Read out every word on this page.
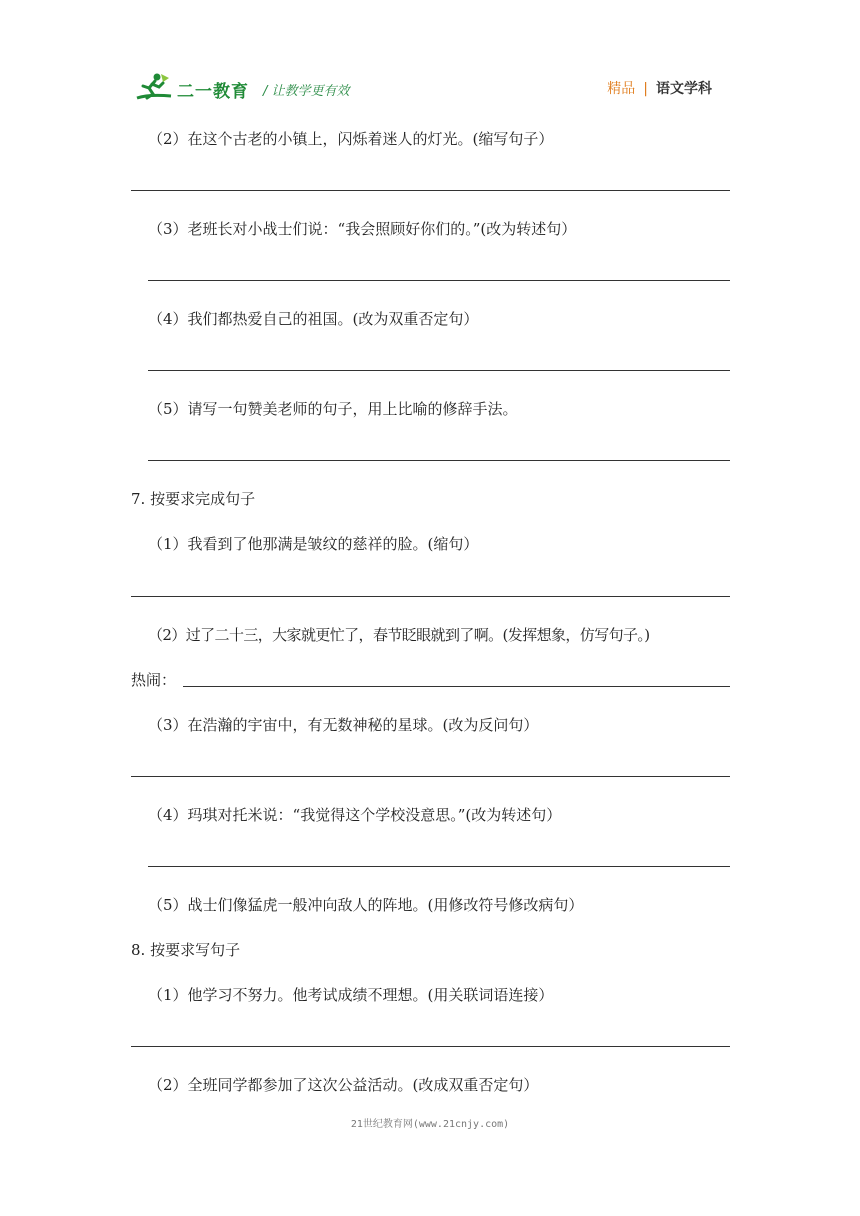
二一教育 / 让教学更有效	精品 | 语文学科
（2）在这个古老的小镇上，闪烁着迷人的灯光。(缩写句子）
（3）老班长对小战士们说：“我会照顾好你们的。”(改为转述句）
（4）我们都热爱自己的祖国。(改为双重否定句）
（5）请写一句赞美老师的句子，用上比喻的修辞手法。
7. 按要求完成句子
（1）我看到了他那满是皱纹的慈祥的脸。(缩句）
（2）过了二十三，大家就更忙了，春节眨眼就到了啊。(发挥想象，仿写句子。)
热闹：
（3）在浩瀚的宇宙中，有无数神秘的星球。(改为反问句）
（4）玛琪对托米说：“我觉得这个学校没意思。”(改为转述句）
（5）战士们像猛虎一般冲向敌人的阵地。(用修改符号修改病句）
8. 按要求写句子
（1）他学习不努力。他考试成绩不理想。(用关联词语连接）
（2）全班同学都参加了这次公益活动。(改成双重否定句）
21世纪教育网(www.21cnjy.com)
